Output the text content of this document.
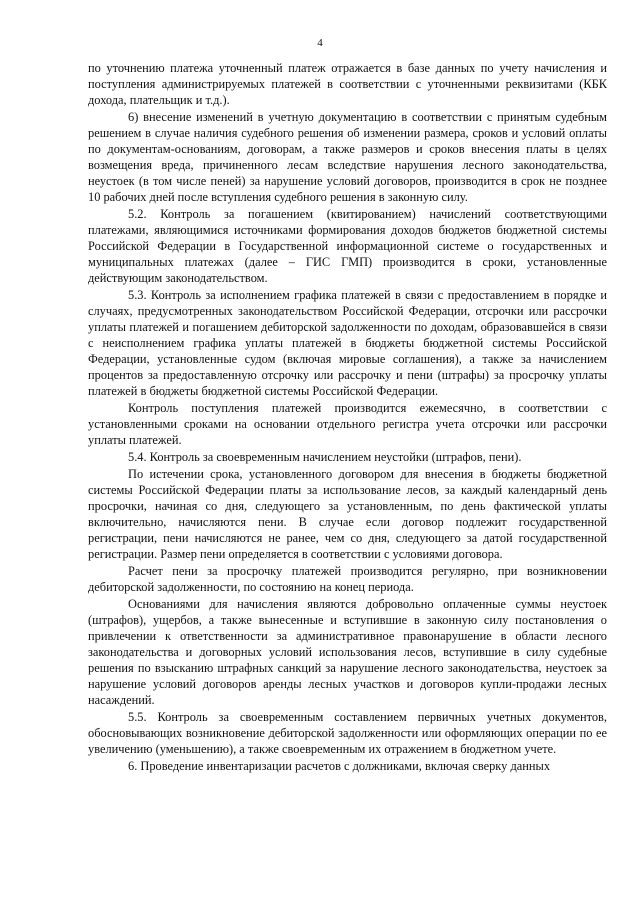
4

по уточнению платежа уточненный платеж отражается в базе данных по учету начисления и поступления администрируемых платежей в соответствии с уточненными реквизитами (КБК дохода, плательщик и т.д.).

6) внесение изменений в учетную документацию в соответствии с принятым судебным решением в случае наличия судебного решения об изменении размера, сроков и условий оплаты по документам-основаниям, договорам, а также размеров и сроков внесения платы в целях возмещения вреда, причиненного лесам вследствие нарушения лесного законодательства, неустоек (в том числе пеней) за нарушение условий договоров, производится в срок не позднее 10 рабочих дней после вступления судебного решения в законную силу.

5.2. Контроль за погашением (квитированием) начислений соответствующими платежами, являющимися источниками формирования доходов бюджетов бюджетной системы Российской Федерации в Государственной информационной системе о государственных и муниципальных платежах (далее – ГИС ГМП) производится в сроки, установленные действующим законодательством.

5.3. Контроль за исполнением графика платежей в связи с предоставлением в порядке и случаях, предусмотренных законодательством Российской Федерации, отсрочки или рассрочки уплаты платежей и погашением дебиторской задолженности по доходам, образовавшейся в связи с неисполнением графика уплаты платежей в бюджеты бюджетной системы Российской Федерации, установленные судом (включая мировые соглашения), а также за начислением процентов за предоставленную отсрочку или рассрочку и пени (штрафы) за просрочку уплаты платежей в бюджеты бюджетной системы Российской Федерации.

Контроль поступления платежей производится ежемесячно, в соответствии с установленными сроками на основании отдельного регистра учета отсрочки или рассрочки уплаты платежей.

5.4. Контроль за своевременным начислением неустойки (штрафов, пени).

По истечении срока, установленного договором для внесения в бюджеты бюджетной системы Российской Федерации платы за использование лесов, за каждый календарный день просрочки, начиная со дня, следующего за установленным, по день фактической уплаты включительно, начисляются пени. В случае если договор подлежит государственной регистрации, пени начисляются не ранее, чем со дня, следующего за датой государственной регистрации. Размер пени определяется в соответствии с условиями договора.

Расчет пени за просрочку платежей производится регулярно, при возникновении дебиторской задолженности, по состоянию на конец периода.

Основаниями для начисления являются добровольно оплаченные суммы неустоек (штрафов), ущербов, а также вынесенные и вступившие в законную силу постановления о привлечении к ответственности за административное правонарушение в области лесного законодательства и договорных условий использования лесов, вступившие в силу судебные решения по взысканию штрафных санкций за нарушение лесного законодательства, неустоек за нарушение условий договоров аренды лесных участков и договоров купли-продажи лесных насаждений.

5.5. Контроль за своевременным составлением первичных учетных документов, обосновывающих возникновение дебиторской задолженности или оформляющих операции по ее увеличению (уменьшению), а также своевременным их отражением в бюджетном учете.

6. Проведение инвентаризации расчетов с должниками, включая сверку данных
